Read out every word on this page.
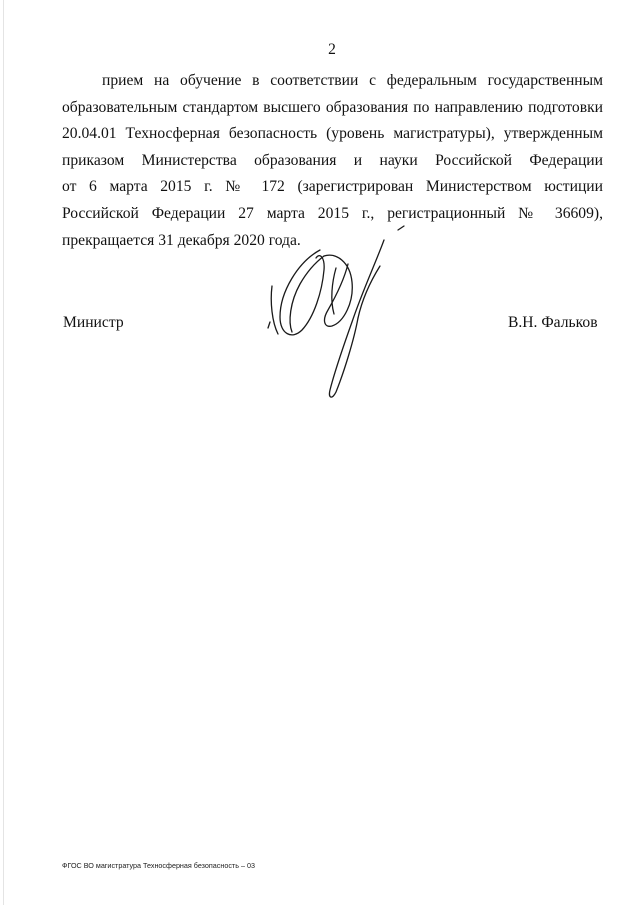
2
прием на обучение в соответствии с федеральным государственным
образовательным стандартом высшего образования по направлению подготовки
20.04.01 Техносферная безопасность (уровень магистратуры), утвержденным
приказом Министерства образования и науки Российской Федерации
от 6 марта 2015 г. № 172 (зарегистрирован Министерством юстиции
Российской Федерации 27 марта 2015 г., регистрационный № 36609),
прекращается 31 декабря 2020 года.
Министр	В.Н. Фальков
ФГОС ВО магистратура Техносферная безопасность – 03
